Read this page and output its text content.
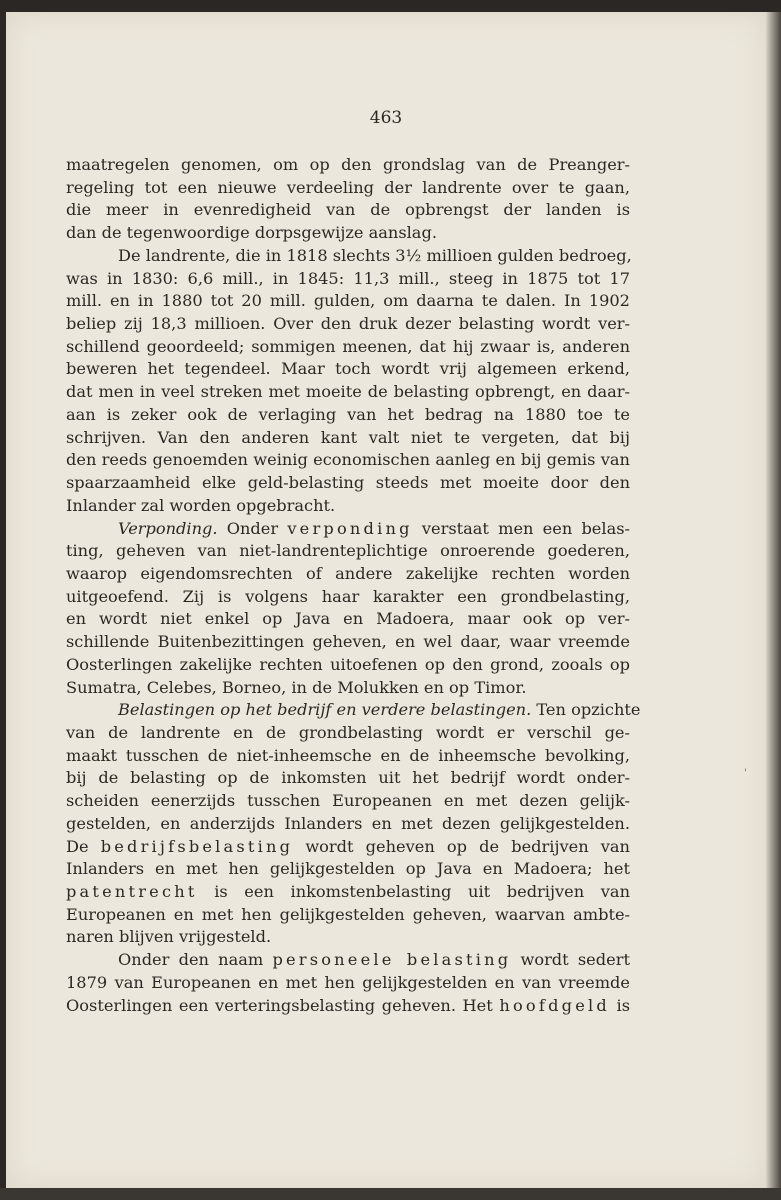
463
'
maatregelen genomen, om op den grondslag van de Preanger-
regeling tot een nieuwe verdeeling der landrente over te gaan,
die meer in evenredigheid van de opbrengst der landen is
dan de tegenwoordige dorpsgewijze aanslag.
De landrente, die in 1818 slechts 3½ millioen gulden bedroeg,
was in 1830: 6,6 mill., in 1845: 11,3 mill., steeg in 1875 tot 17
mill. en in 1880 tot 20 mill. gulden, om daarna te dalen. In 1902
beliep zij 18,3 millioen. Over den druk dezer belasting wordt ver-
schillend geoordeeld; sommigen meenen, dat hij zwaar is, anderen
beweren het tegendeel. Maar toch wordt vrij algemeen erkend,
dat men in veel streken met moeite de belasting opbrengt, en daar-
aan is zeker ook de verlaging van het bedrag na 1880 toe te
schrijven. Van den anderen kant valt niet te vergeten, dat bij
den reeds genoemden weinig economischen aanleg en bij gemis van
spaarzaamheid elke geld-belasting steeds met moeite door den
Inlander zal worden opgebracht.
Verponding. Onder verponding verstaat men een belas-
ting, geheven van niet-landrenteplichtige onroerende goederen,
waarop eigendomsrechten of andere zakelijke rechten worden
uitgeoefend. Zij is volgens haar karakter een grondbelasting,
en wordt niet enkel op Java en Madoera, maar ook op ver-
schillende Buitenbezittingen geheven, en wel daar, waar vreemde
Oosterlingen zakelijke rechten uitoefenen op den grond, zooals op
Sumatra, Celebes, Borneo, in de Molukken en op Timor.
Belastingen op het bedrijf en verdere belastingen. Ten opzichte
van de landrente en de grondbelasting wordt er verschil ge-
maakt tusschen de niet-inheemsche en de inheemsche bevolking,
bij de belasting op de inkomsten uit het bedrijf wordt onder-
scheiden eenerzijds tusschen Europeanen en met dezen gelijk-
gestelden, en anderzijds Inlanders en met dezen gelijkgestelden.
De bedrijfsbelasting wordt geheven op de bedrijven van
Inlanders en met hen gelijkgestelden op Java en Madoera; het
patentrecht is een inkomstenbelasting uit bedrijven van
Europeanen en met hen gelijkgestelden geheven, waarvan ambte-
naren blijven vrijgesteld.
Onder den naam personeele belasting wordt sedert
1879 van Europeanen en met hen gelijkgestelden en van vreemde
Oosterlingen een verteringsbelasting geheven. Het hoofdgeld is
